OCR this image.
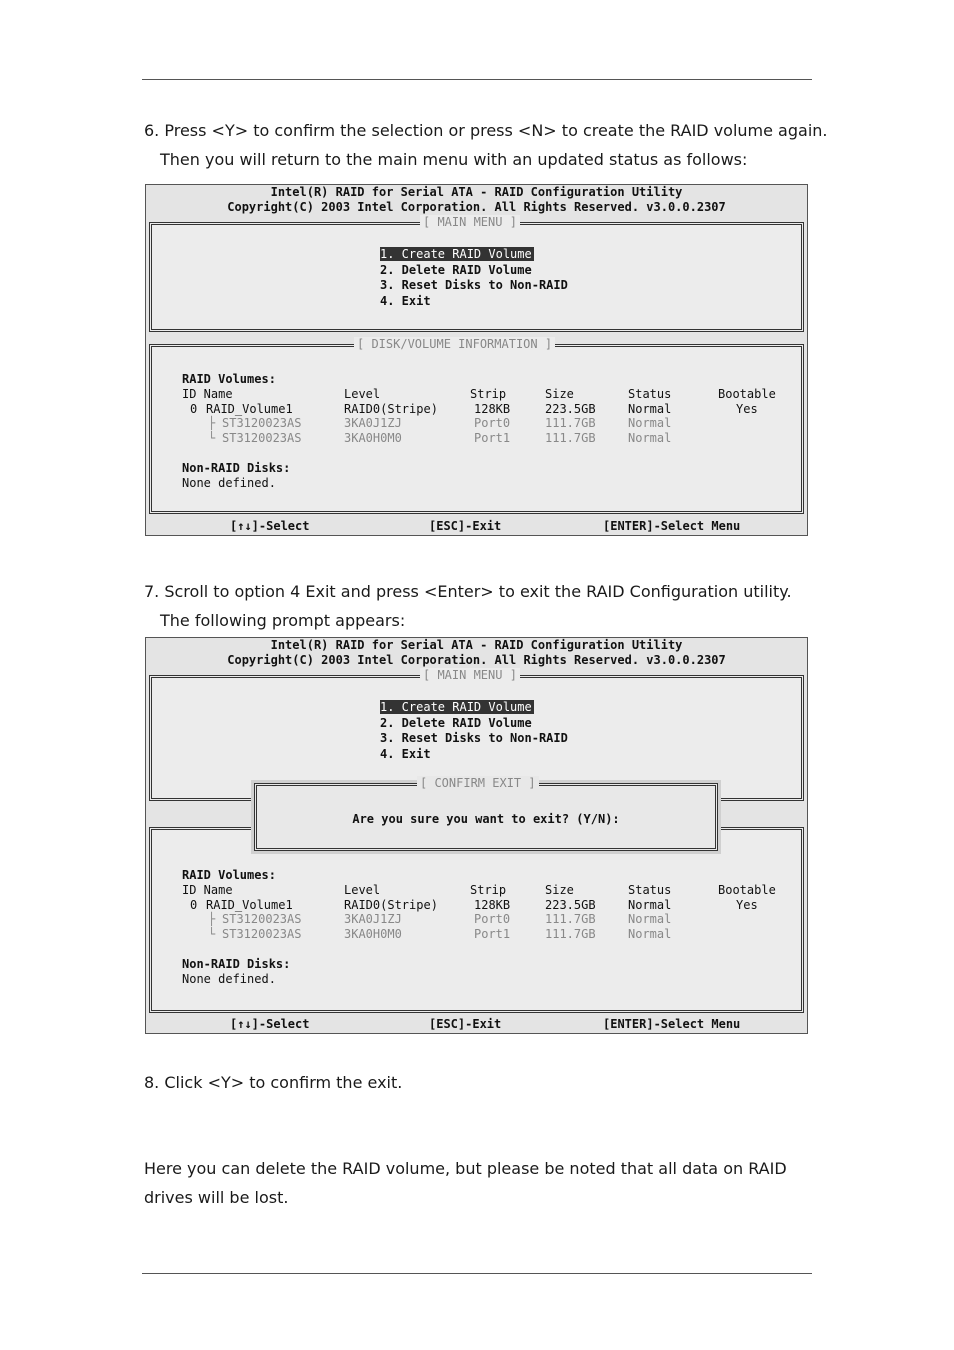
6. Press <Y> to confirm the selection or press <N> to create the RAID volume again.
Then you will return to the main menu with an updated status as follows:

Intel(R) RAID for Serial ATA - RAID Configuration Utility
Copyright(C) 2003 Intel Corporation. All Rights Reserved. v3.0.0.2307
[ MAIN MENU ]
1. Create RAID Volume
2. Delete RAID Volume
3. Reset Disks to Non-RAID
4. Exit
[ DISK/VOLUME INFORMATION ]
RAID Volumes:
ID Name	Level	Strip	Size	Status	Bootable
0 RAID_Volume1	RAID0(Stripe)	128KB	223.5GB	Normal	Yes
├ ST3120023AS	3KA0J1ZJ	Port0	111.7GB	Normal
└ ST3120023AS	3KA0H0M0	Port1	111.7GB	Normal
Non-RAID Disks:
None defined.
[↑↓]-Select	[ESC]-Exit	[ENTER]-Select Menu

7. Scroll to option 4 Exit and press <Enter> to exit the RAID Configuration utility.
The following prompt appears:

Intel(R) RAID for Serial ATA - RAID Configuration Utility
Copyright(C) 2003 Intel Corporation. All Rights Reserved. v3.0.0.2307
[ MAIN MENU ]
1. Create RAID Volume
2. Delete RAID Volume
3. Reset Disks to Non-RAID
4. Exit
RAID Volumes:
ID Name	Level	Strip	Size	Status	Bootable
0 RAID_Volume1	RAID0(Stripe)	128KB	223.5GB	Normal	Yes
├ ST3120023AS	3KA0J1ZJ	Port0	111.7GB	Normal
└ ST3120023AS	3KA0H0M0	Port1	111.7GB	Normal
Non-RAID Disks:
None defined.
[ CONFIRM EXIT ]
Are you sure you want to exit? (Y/N):
[↑↓]-Select	[ESC]-Exit	[ENTER]-Select Menu

8. Click <Y> to confirm the exit.

Here you can delete the RAID volume, but please be noted that all data on RAID
drives will be lost.
